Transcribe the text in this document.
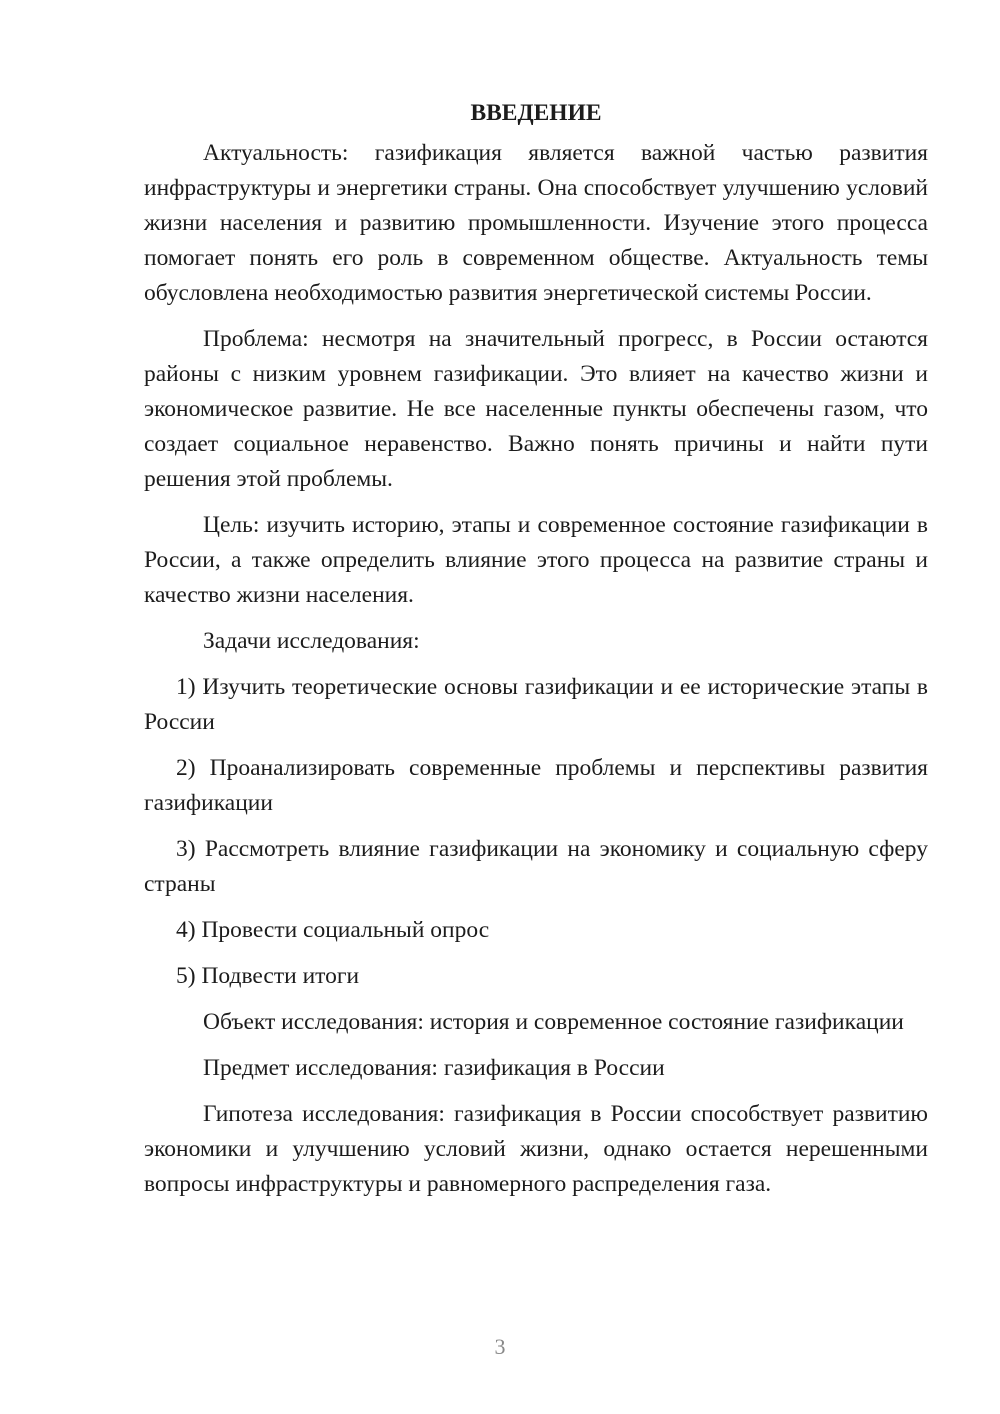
ВВЕДЕНИЕ

Актуальность: газификация является важной частью развития инфраструктуры и энергетики страны. Она способствует улучшению условий жизни населения и развитию промышленности. Изучение этого процесса помогает понять его роль в современном обществе. Актуальность темы обусловлена необходимостью развития энергетической системы России.

Проблема: несмотря на значительный прогресс, в России остаются районы с низким уровнем газификации. Это влияет на качество жизни и экономическое развитие. Не все населенные пункты обеспечены газом, что создает социальное неравенство. Важно понять причины и найти пути решения этой проблемы.

Цель: изучить историю, этапы и современное состояние газификации в России, а также определить влияние этого процесса на развитие страны и качество жизни населения.

Задачи исследования:

1) Изучить теоретические основы газификации и ее исторические этапы в России

2) Проанализировать современные проблемы и перспективы развития газификации

3) Рассмотреть влияние газификации на экономику и социальную сферу страны

4) Провести социальный опрос

5) Подвести итоги

Объект исследования: история и современное состояние газификации

Предмет исследования: газификация в России

Гипотеза исследования: газификация в России способствует развитию экономики и улучшению условий жизни, однако остается нерешенными вопросы инфраструктуры и равномерного распределения газа.

3
